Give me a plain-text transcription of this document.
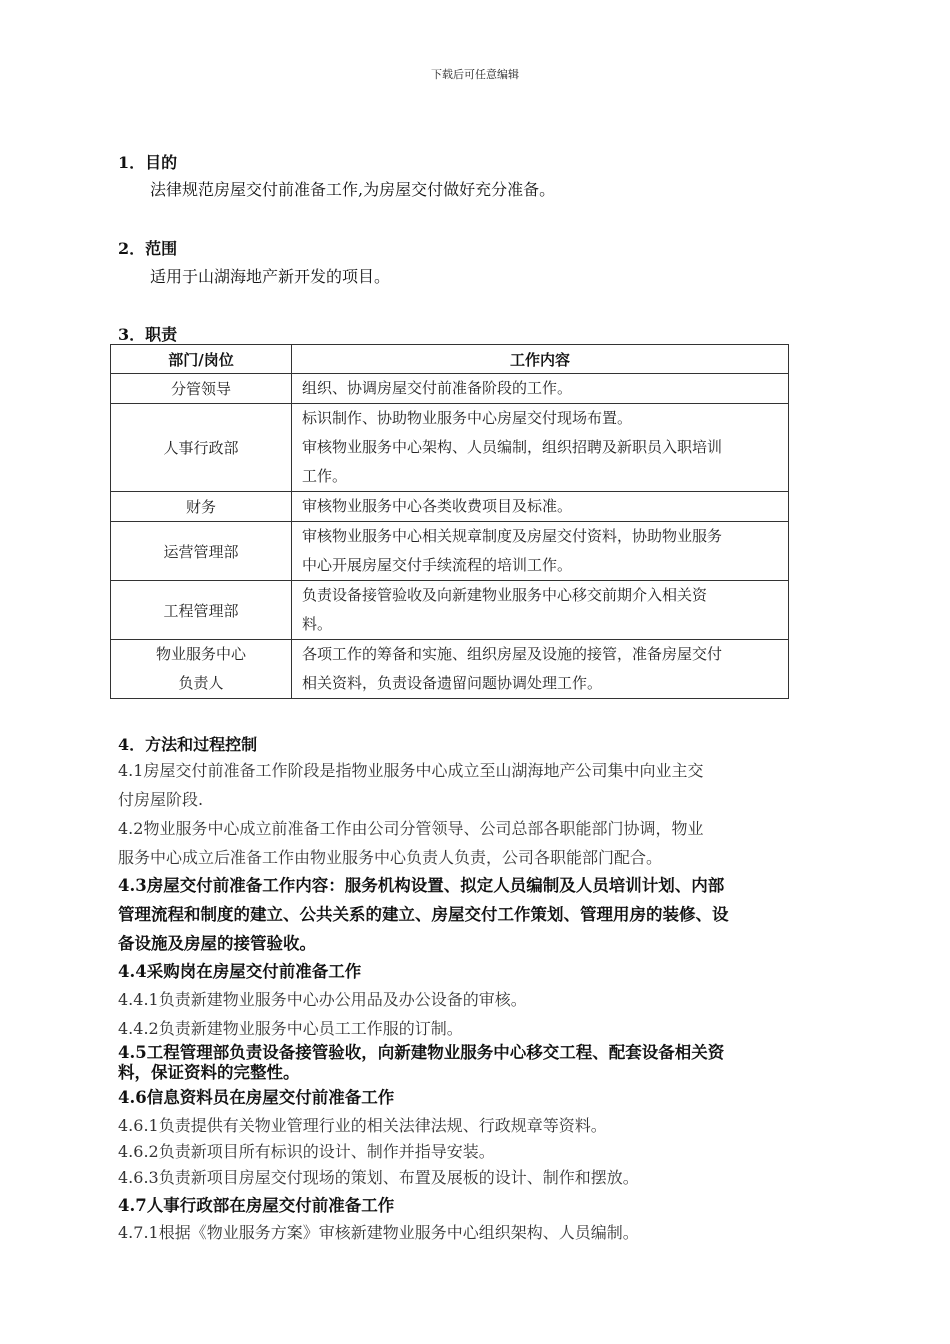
下载后可任意编辑
1．目的
法律规范房屋交付前准备工作,为房屋交付做好充分准备。
2．范围
适用于山湖海地产新开发的项目。
3．职责
部门/岗位	工作内容

分管领导	组织、协调房屋交付前准备阶段的工作。

人事行政部	标识制作、协助物业服务中心房屋交付现场布置。
审核物业服务中心架构、人员编制，组织招聘及新职员入职培训
工作。

财务	审核物业服务中心各类收费项目及标准。

运营管理部	审核物业服务中心相关规章制度及房屋交付资料，协助物业服务
中心开展房屋交付手续流程的培训工作。

工程管理部	负责设备接管验收及向新建物业服务中心移交前期介入相关资
料。

物业服务中心
负责人	各项工作的筹备和实施、组织房屋及设施的接管，准备房屋交付
相关资料，负责设备遗留问题协调处理工作。
4．方法和过程控制
4.1房屋交付前准备工作阶段是指物业服务中心成立至山湖海地产公司集中向业主交
付房屋阶段.
4.2物业服务中心成立前准备工作由公司分管领导、公司总部各职能部门协调，物业
服务中心成立后准备工作由物业服务中心负责人负责，公司各职能部门配合。
4.3房屋交付前准备工作内容：服务机构设置、拟定人员编制及人员培训计划、内部
管理流程和制度的建立、公共关系的建立、房屋交付工作策划、管理用房的装修、设
备设施及房屋的接管验收。
4.4采购岗在房屋交付前准备工作
4.4.1负责新建物业服务中心办公用品及办公设备的审核。
4.4.2负责新建物业服务中心员工工作服的订制。
4.5工程管理部负责设备接管验收，向新建物业服务中心移交工程、配套设备相关资
料，保证资料的完整性。
4.6信息资料员在房屋交付前准备工作
4.6.1负责提供有关物业管理行业的相关法律法规、行政规章等资料。
4.6.2负责新项目所有标识的设计、制作并指导安装。
4.6.3负责新项目房屋交付现场的策划、布置及展板的设计、制作和摆放。
4.7人事行政部在房屋交付前准备工作
4.7.1根据《物业服务方案》审核新建物业服务中心组织架构、人员编制。
